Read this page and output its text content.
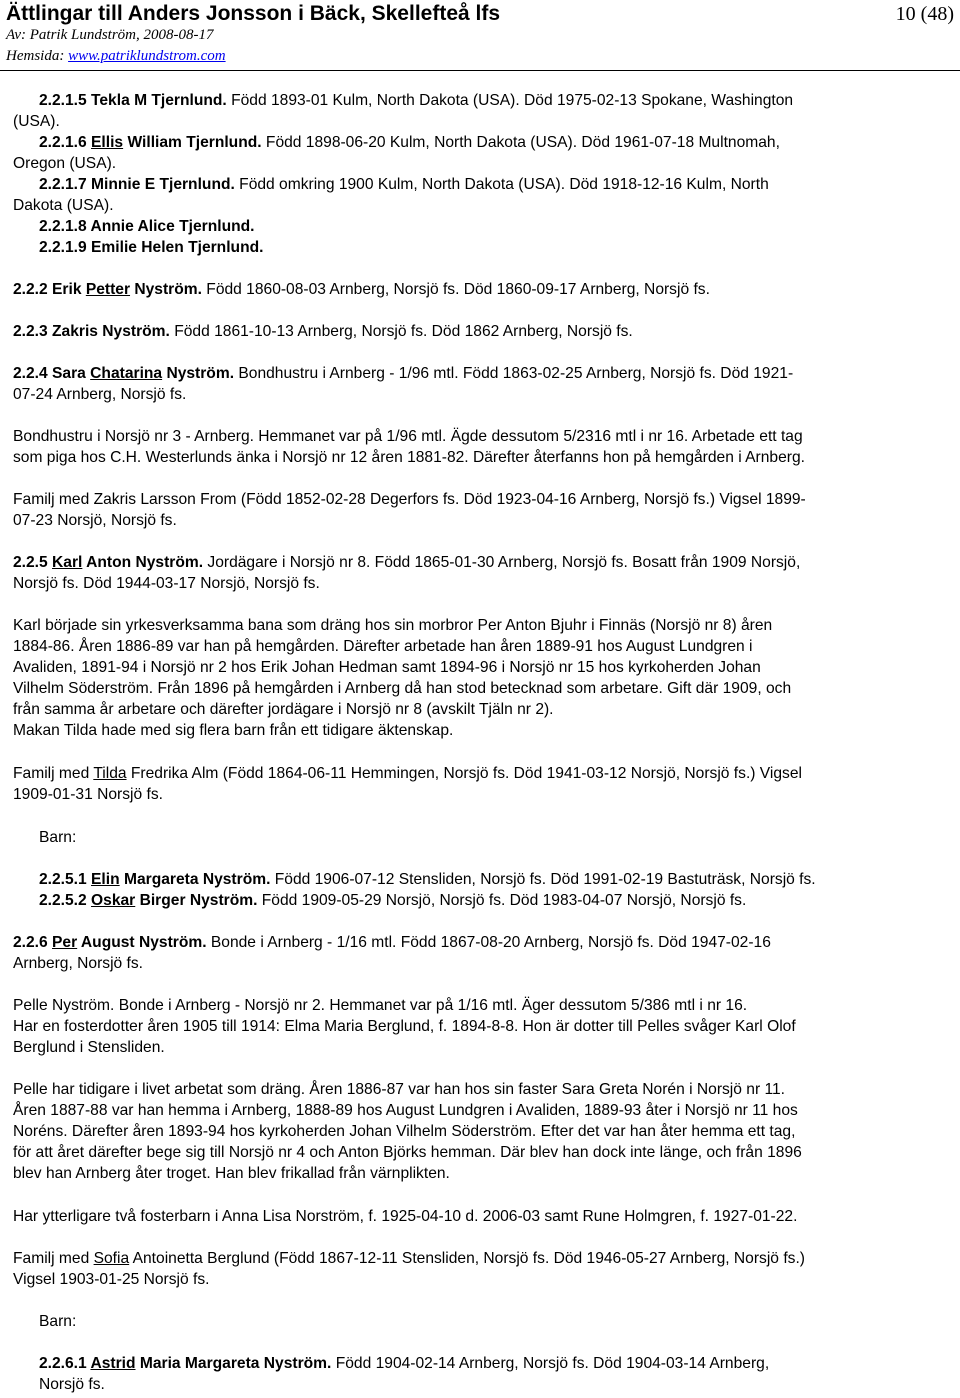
Ättlingar till Anders Jonsson i Bäck, Skellefteå lfs	10 (48)
Av: Patrik Lundström, 2008-08-17
Hemsida: www.patriklundstrom.com
2.2.1.5 Tekla M Tjernlund. Född 1893-01 Kulm, North Dakota (USA). Död 1975-02-13 Spokane, Washington
(USA).
2.2.1.6 Ellis William Tjernlund. Född 1898-06-20 Kulm, North Dakota (USA). Död 1961-07-18 Multnomah,
Oregon (USA).
2.2.1.7 Minnie E Tjernlund. Född omkring 1900 Kulm, North Dakota (USA). Död 1918-12-16 Kulm, North
Dakota (USA).
2.2.1.8 Annie Alice Tjernlund.
2.2.1.9 Emilie Helen Tjernlund.
2.2.2 Erik Petter Nyström. Född 1860-08-03 Arnberg, Norsjö fs. Död 1860-09-17 Arnberg, Norsjö fs.
2.2.3 Zakris Nyström. Född 1861-10-13 Arnberg, Norsjö fs. Död 1862 Arnberg, Norsjö fs.
2.2.4 Sara Chatarina Nyström. Bondhustru i Arnberg - 1/96 mtl. Född 1863-02-25 Arnberg, Norsjö fs. Död 1921-
07-24 Arnberg, Norsjö fs.
Bondhustru i Norsjö nr 3 - Arnberg. Hemmanet var på 1/96 mtl. Ägde dessutom 5/2316 mtl i nr 16. Arbetade ett tag
som piga hos C.H. Westerlunds änka i Norsjö nr 12 åren 1881-82. Därefter återfanns hon på hemgården i Arnberg.
Familj med Zakris Larsson From (Född 1852-02-28 Degerfors fs. Död 1923-04-16 Arnberg, Norsjö fs.) Vigsel 1899-
07-23 Norsjö, Norsjö fs.
2.2.5 Karl Anton Nyström. Jordägare i Norsjö nr 8. Född 1865-01-30 Arnberg, Norsjö fs. Bosatt från 1909 Norsjö,
Norsjö fs. Död 1944-03-17 Norsjö, Norsjö fs.
Karl började sin yrkesverksamma bana som dräng hos sin morbror Per Anton Bjuhr i Finnäs (Norsjö nr 8) åren
1884-86. Åren 1886-89 var han på hemgården. Därefter arbetade han åren 1889-91 hos August Lundgren i
Avaliden, 1891-94 i Norsjö nr 2 hos Erik Johan Hedman samt 1894-96 i Norsjö nr 15 hos kyrkoherden Johan
Vilhelm Söderström. Från 1896 på hemgården i Arnberg då han stod betecknad som arbetare. Gift där 1909, och
från samma år arbetare och därefter jordägare i Norsjö nr 8 (avskilt Tjäln nr 2).
Makan Tilda hade med sig flera barn från ett tidigare äktenskap.
Familj med Tilda Fredrika Alm (Född 1864-06-11 Hemmingen, Norsjö fs. Död 1941-03-12 Norsjö, Norsjö fs.) Vigsel
1909-01-31 Norsjö fs.
Barn:
2.2.5.1 Elin Margareta Nyström. Född 1906-07-12 Stensliden, Norsjö fs. Död 1991-02-19 Bastuträsk, Norsjö fs.
2.2.5.2 Oskar Birger Nyström. Född 1909-05-29 Norsjö, Norsjö fs. Död 1983-04-07 Norsjö, Norsjö fs.
2.2.6 Per August Nyström. Bonde i Arnberg - 1/16 mtl. Född 1867-08-20 Arnberg, Norsjö fs. Död 1947-02-16
Arnberg, Norsjö fs.
Pelle Nyström. Bonde i Arnberg - Norsjö nr 2. Hemmanet var på 1/16 mtl. Äger dessutom 5/386 mtl i nr 16.
Har en fosterdotter åren 1905 till 1914: Elma Maria Berglund, f. 1894-8-8. Hon är dotter till Pelles svåger Karl Olof
Berglund i Stensliden.
Pelle har tidigare i livet arbetat som dräng. Åren 1886-87 var han hos sin faster Sara Greta Norén i Norsjö nr 11.
Åren 1887-88 var han hemma i Arnberg, 1888-89 hos August Lundgren i Avaliden, 1889-93 åter i Norsjö nr 11 hos
Noréns. Därefter åren 1893-94 hos kyrkoherden Johan Vilhelm Söderström. Efter det var han åter hemma ett tag,
för att året därefter bege sig till Norsjö nr 4 och Anton Björks hemman. Där blev han dock inte länge, och från 1896
blev han Arnberg åter troget. Han blev frikallad från värnplikten.
Har ytterligare två fosterbarn i Anna Lisa Norström, f. 1925-04-10 d. 2006-03 samt Rune Holmgren, f. 1927-01-22.
Familj med Sofia Antoinetta Berglund (Född 1867-12-11 Stensliden, Norsjö fs. Död 1946-05-27 Arnberg, Norsjö fs.)
Vigsel 1903-01-25 Norsjö fs.
Barn:
2.2.6.1 Astrid Maria Margareta Nyström. Född 1904-02-14 Arnberg, Norsjö fs. Död 1904-03-14 Arnberg,
Norsjö fs.
